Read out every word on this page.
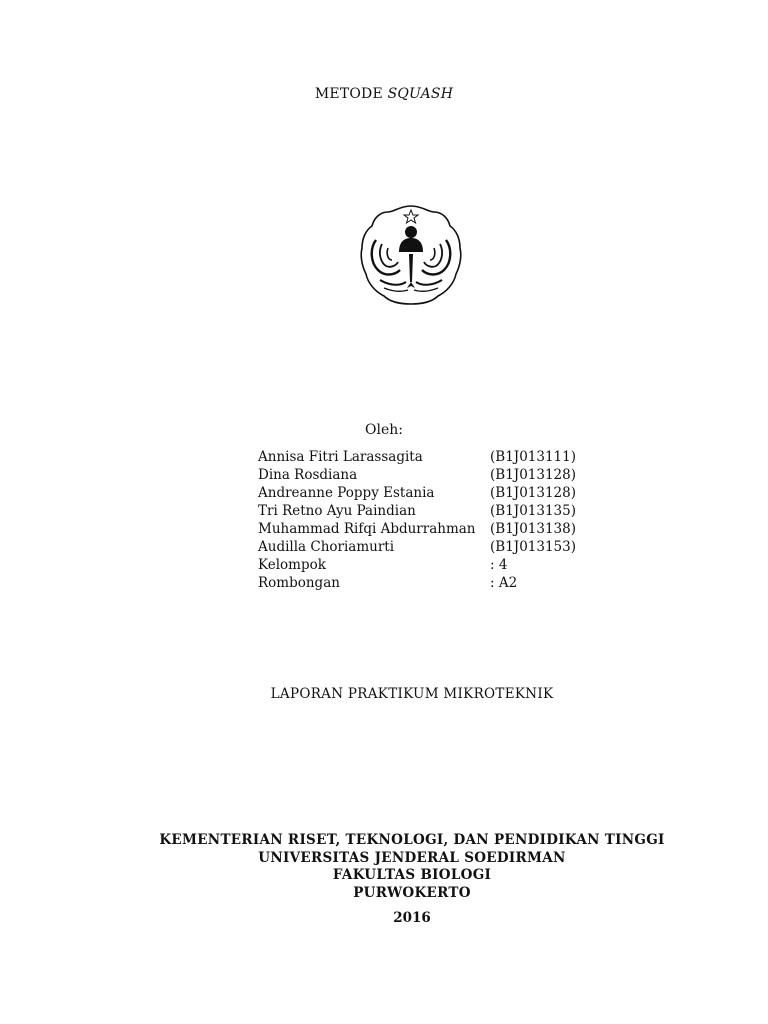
METODE SQUASH
Oleh:
Annisa Fitri Larassagita	(B1J013111)
Dina Rosdiana	(B1J013128)
Andreanne Poppy Estania	(B1J013128)
Tri Retno Ayu Paindian	(B1J013135)
Muhammad Rifqi Abdurrahman (B1J013138)
Audilla Choriamurti	(B1J013153)
Kelompok	: 4
Rombongan	: A2
LAPORAN PRAKTIKUM MIKROTEKNIK
KEMENTERIAN RISET, TEKNOLOGI, DAN PENDIDIKAN TINGGI
UNIVERSITAS JENDERAL SOEDIRMAN
FAKULTAS BIOLOGI
PURWOKERTO
2016
